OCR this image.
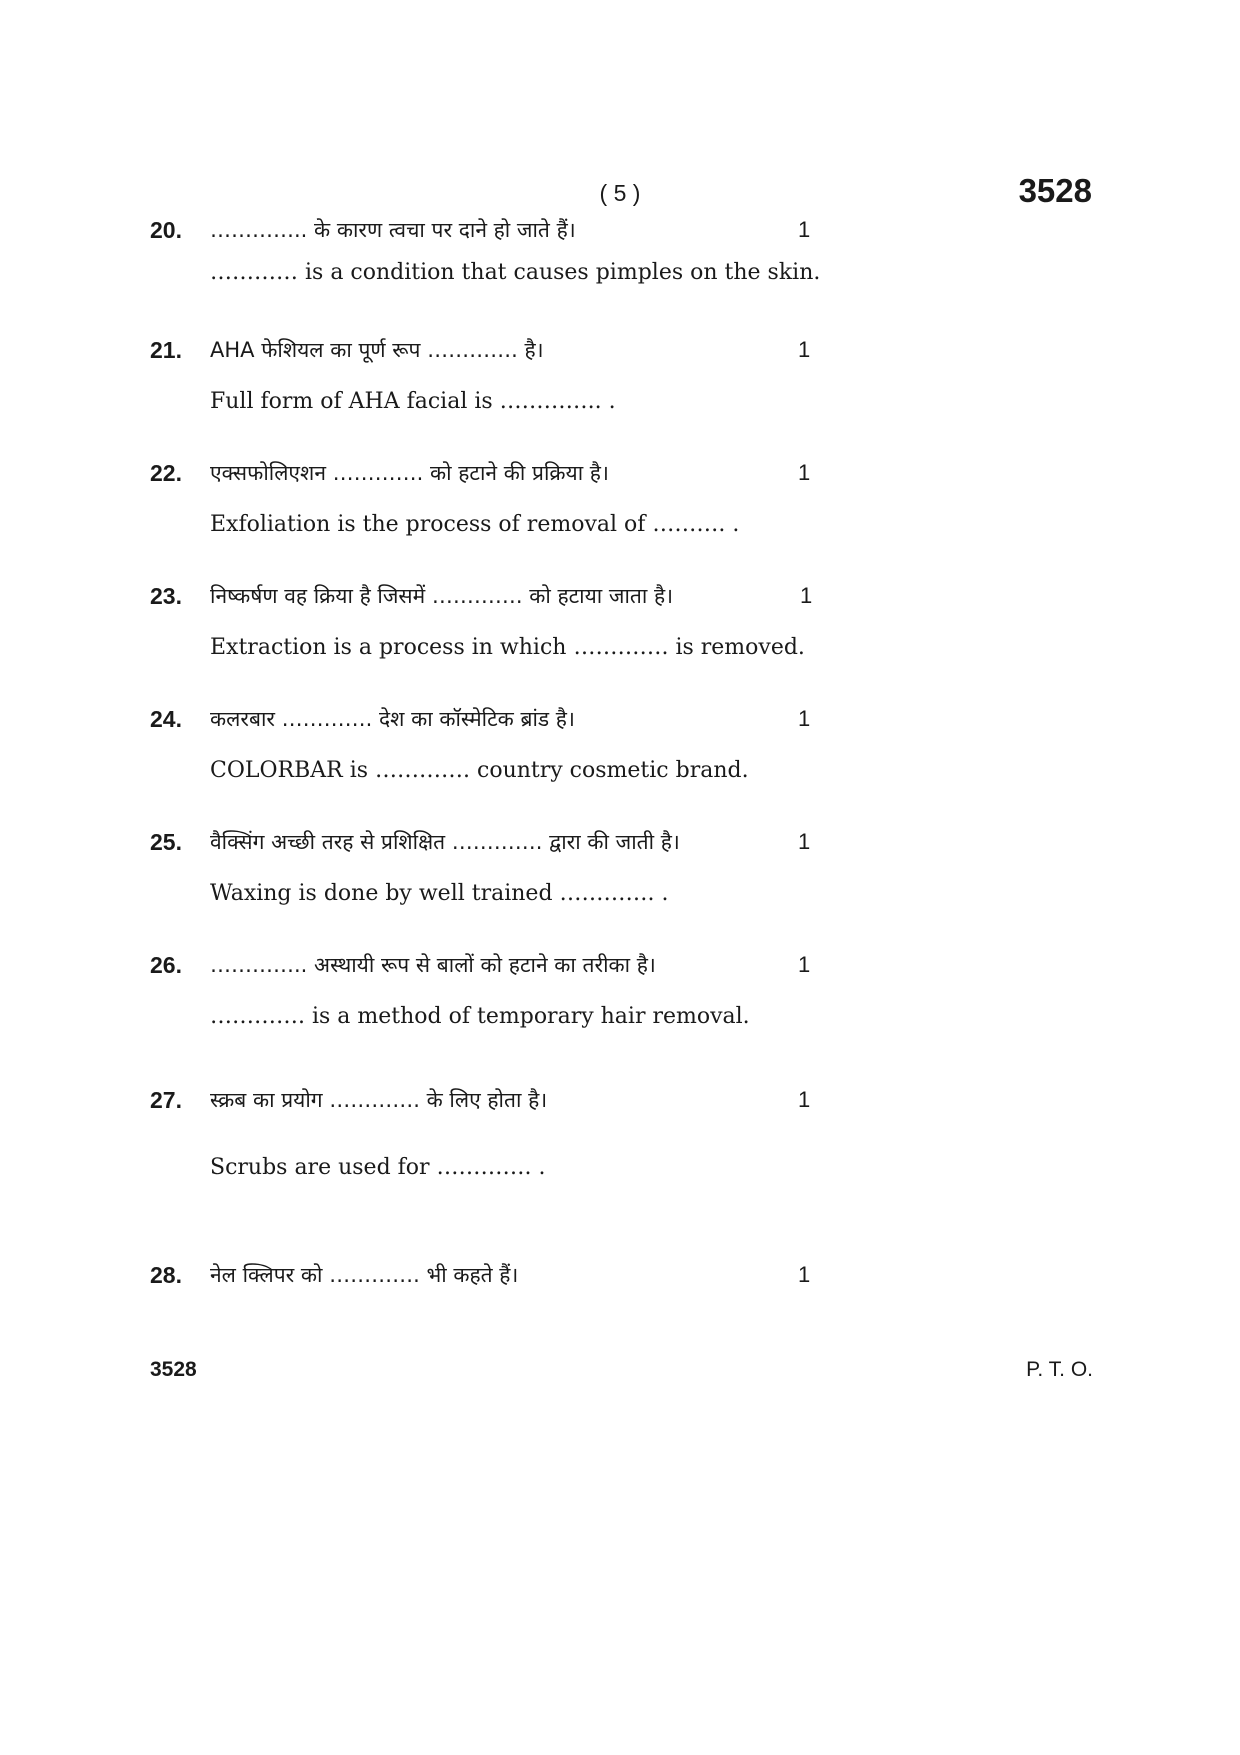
( 5 )	3528
20. ………….. के कारण त्वचा पर दाने हो जाते हैं।	1
………… is a condition that causes pimples on the skin.
21. AHA फेशियल का पूर्ण रूप …………. है।	1
Full form of AHA facial is ………….. .
22. एक्सफोलिएशन …………. को हटाने की प्रक्रिया है।	1
Exfoliation is the process of removal of ………. .
23. निष्कर्षण वह क्रिया है जिसमें …………. को हटाया जाता है।	1
Extraction is a process in which …………. is removed.
24. कलरबार …………. देश का कॉस्मेटिक ब्रांड है।	1
COLORBAR is …………. country cosmetic brand.
25. वैक्सिंग अच्छी तरह से प्रशिक्षित …………. द्वारा की जाती है।	1
Waxing is done by well trained …………. .
26. ………….. अस्थायी रूप से बालों को हटाने का तरीका है।	1
…………. is a method of temporary hair removal.
27. स्क्रब का प्रयोग …………. के लिए होता है।	1
Scrubs are used for …………. .
28. नेल क्लिपर को …………. भी कहते हैं।	1
3528	P. T. O.
